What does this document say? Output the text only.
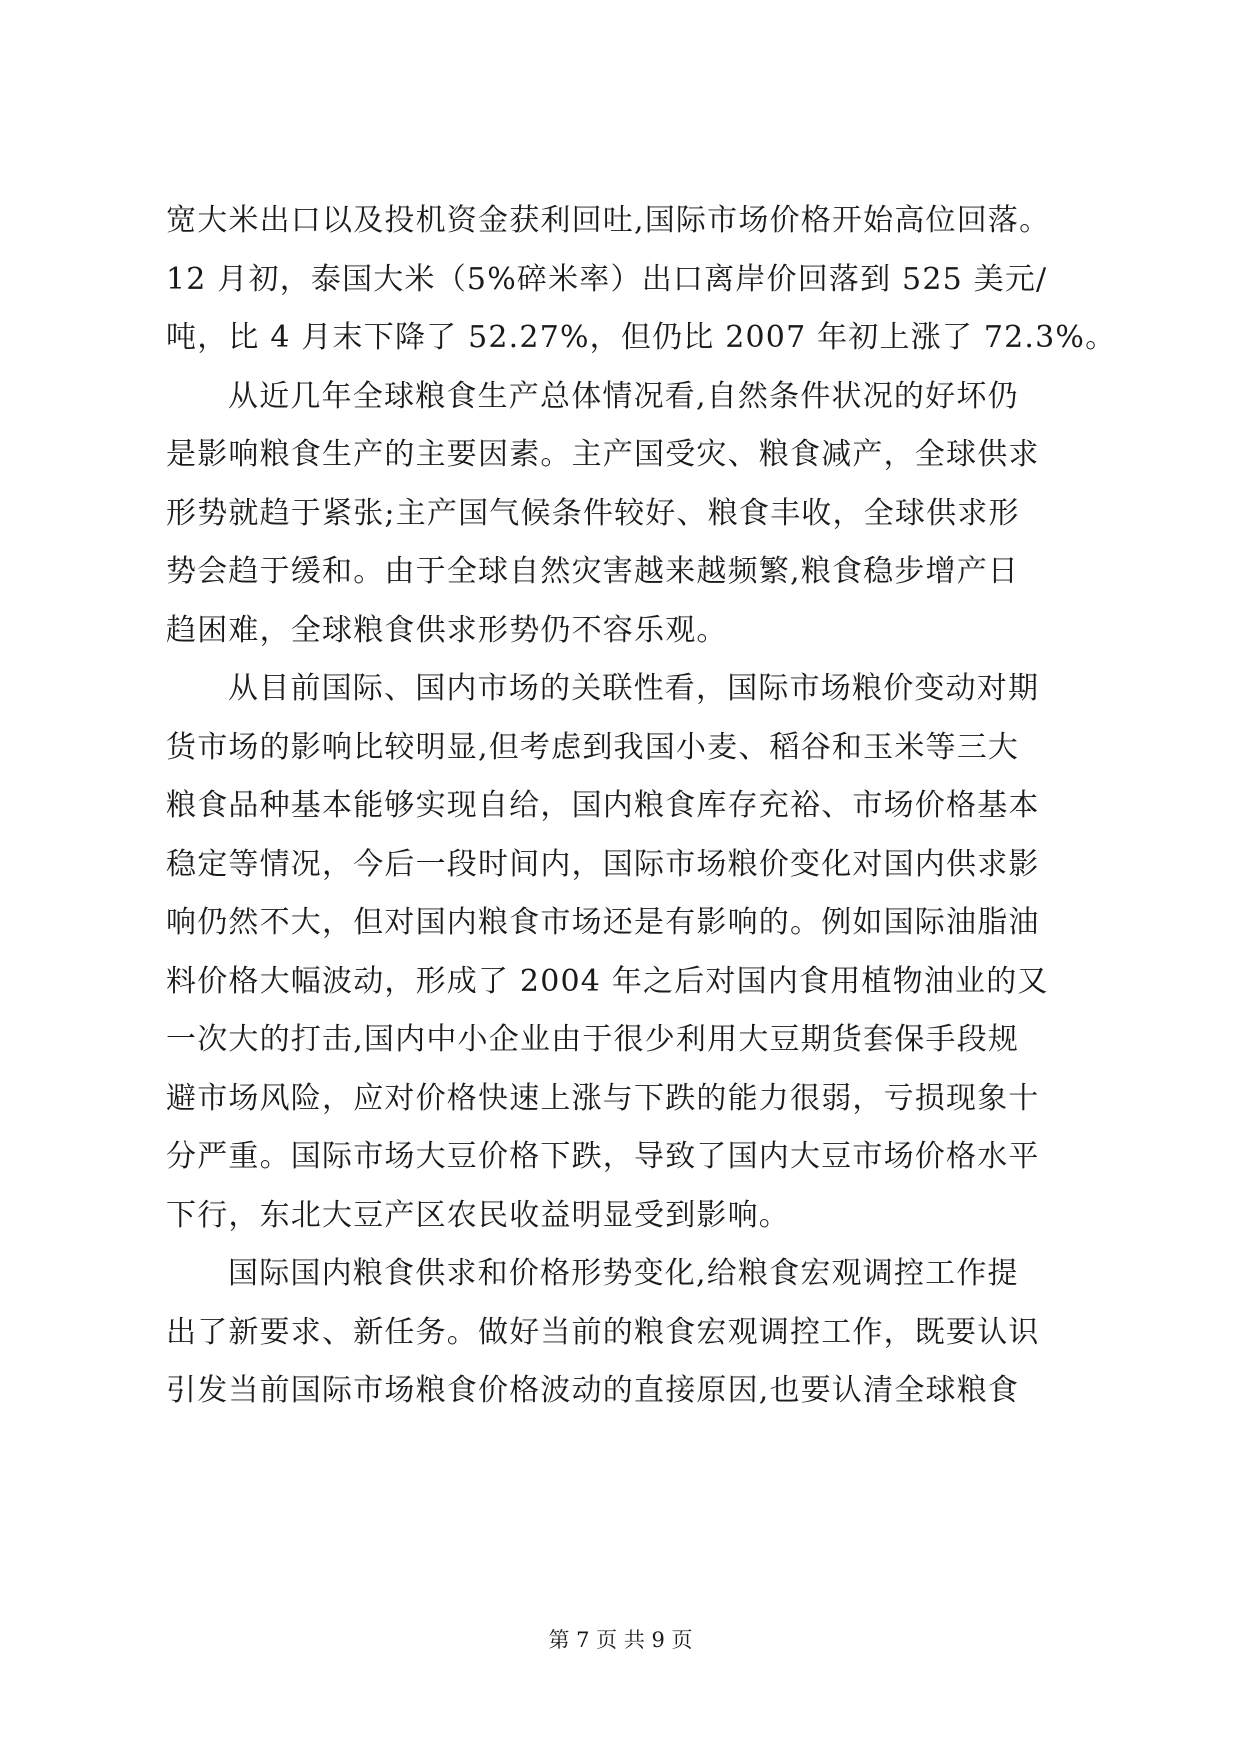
宽大米出口以及投机资金获利回吐,国际市场价格开始高位回落。
12 月初，泰国大米（5%碎米率）出口离岸价回落到 525 美元/
吨，比 4 月末下降了 52.27%，但仍比 2007 年初上涨了 72.3%。
从近几年全球粮食生产总体情况看,自然条件状况的好坏仍
是影响粮食生产的主要因素。主产国受灾、粮食减产，全球供求
形势就趋于紧张;主产国气候条件较好、粮食丰收，全球供求形
势会趋于缓和。由于全球自然灾害越来越频繁,粮食稳步增产日
趋困难，全球粮食供求形势仍不容乐观。
从目前国际、国内市场的关联性看，国际市场粮价变动对期
货市场的影响比较明显,但考虑到我国小麦、稻谷和玉米等三大
粮食品种基本能够实现自给，国内粮食库存充裕、市场价格基本
稳定等情况，今后一段时间内，国际市场粮价变化对国内供求影
响仍然不大，但对国内粮食市场还是有影响的。例如国际油脂油
料价格大幅波动，形成了 2004 年之后对国内食用植物油业的又
一次大的打击,国内中小企业由于很少利用大豆期货套保手段规
避市场风险，应对价格快速上涨与下跌的能力很弱，亏损现象十
分严重。国际市场大豆价格下跌，导致了国内大豆市场价格水平
下行，东北大豆产区农民收益明显受到影响。
国际国内粮食供求和价格形势变化,给粮食宏观调控工作提
出了新要求、新任务。做好当前的粮食宏观调控工作，既要认识
引发当前国际市场粮食价格波动的直接原因,也要认清全球粮食
第 7 页 共 9 页
